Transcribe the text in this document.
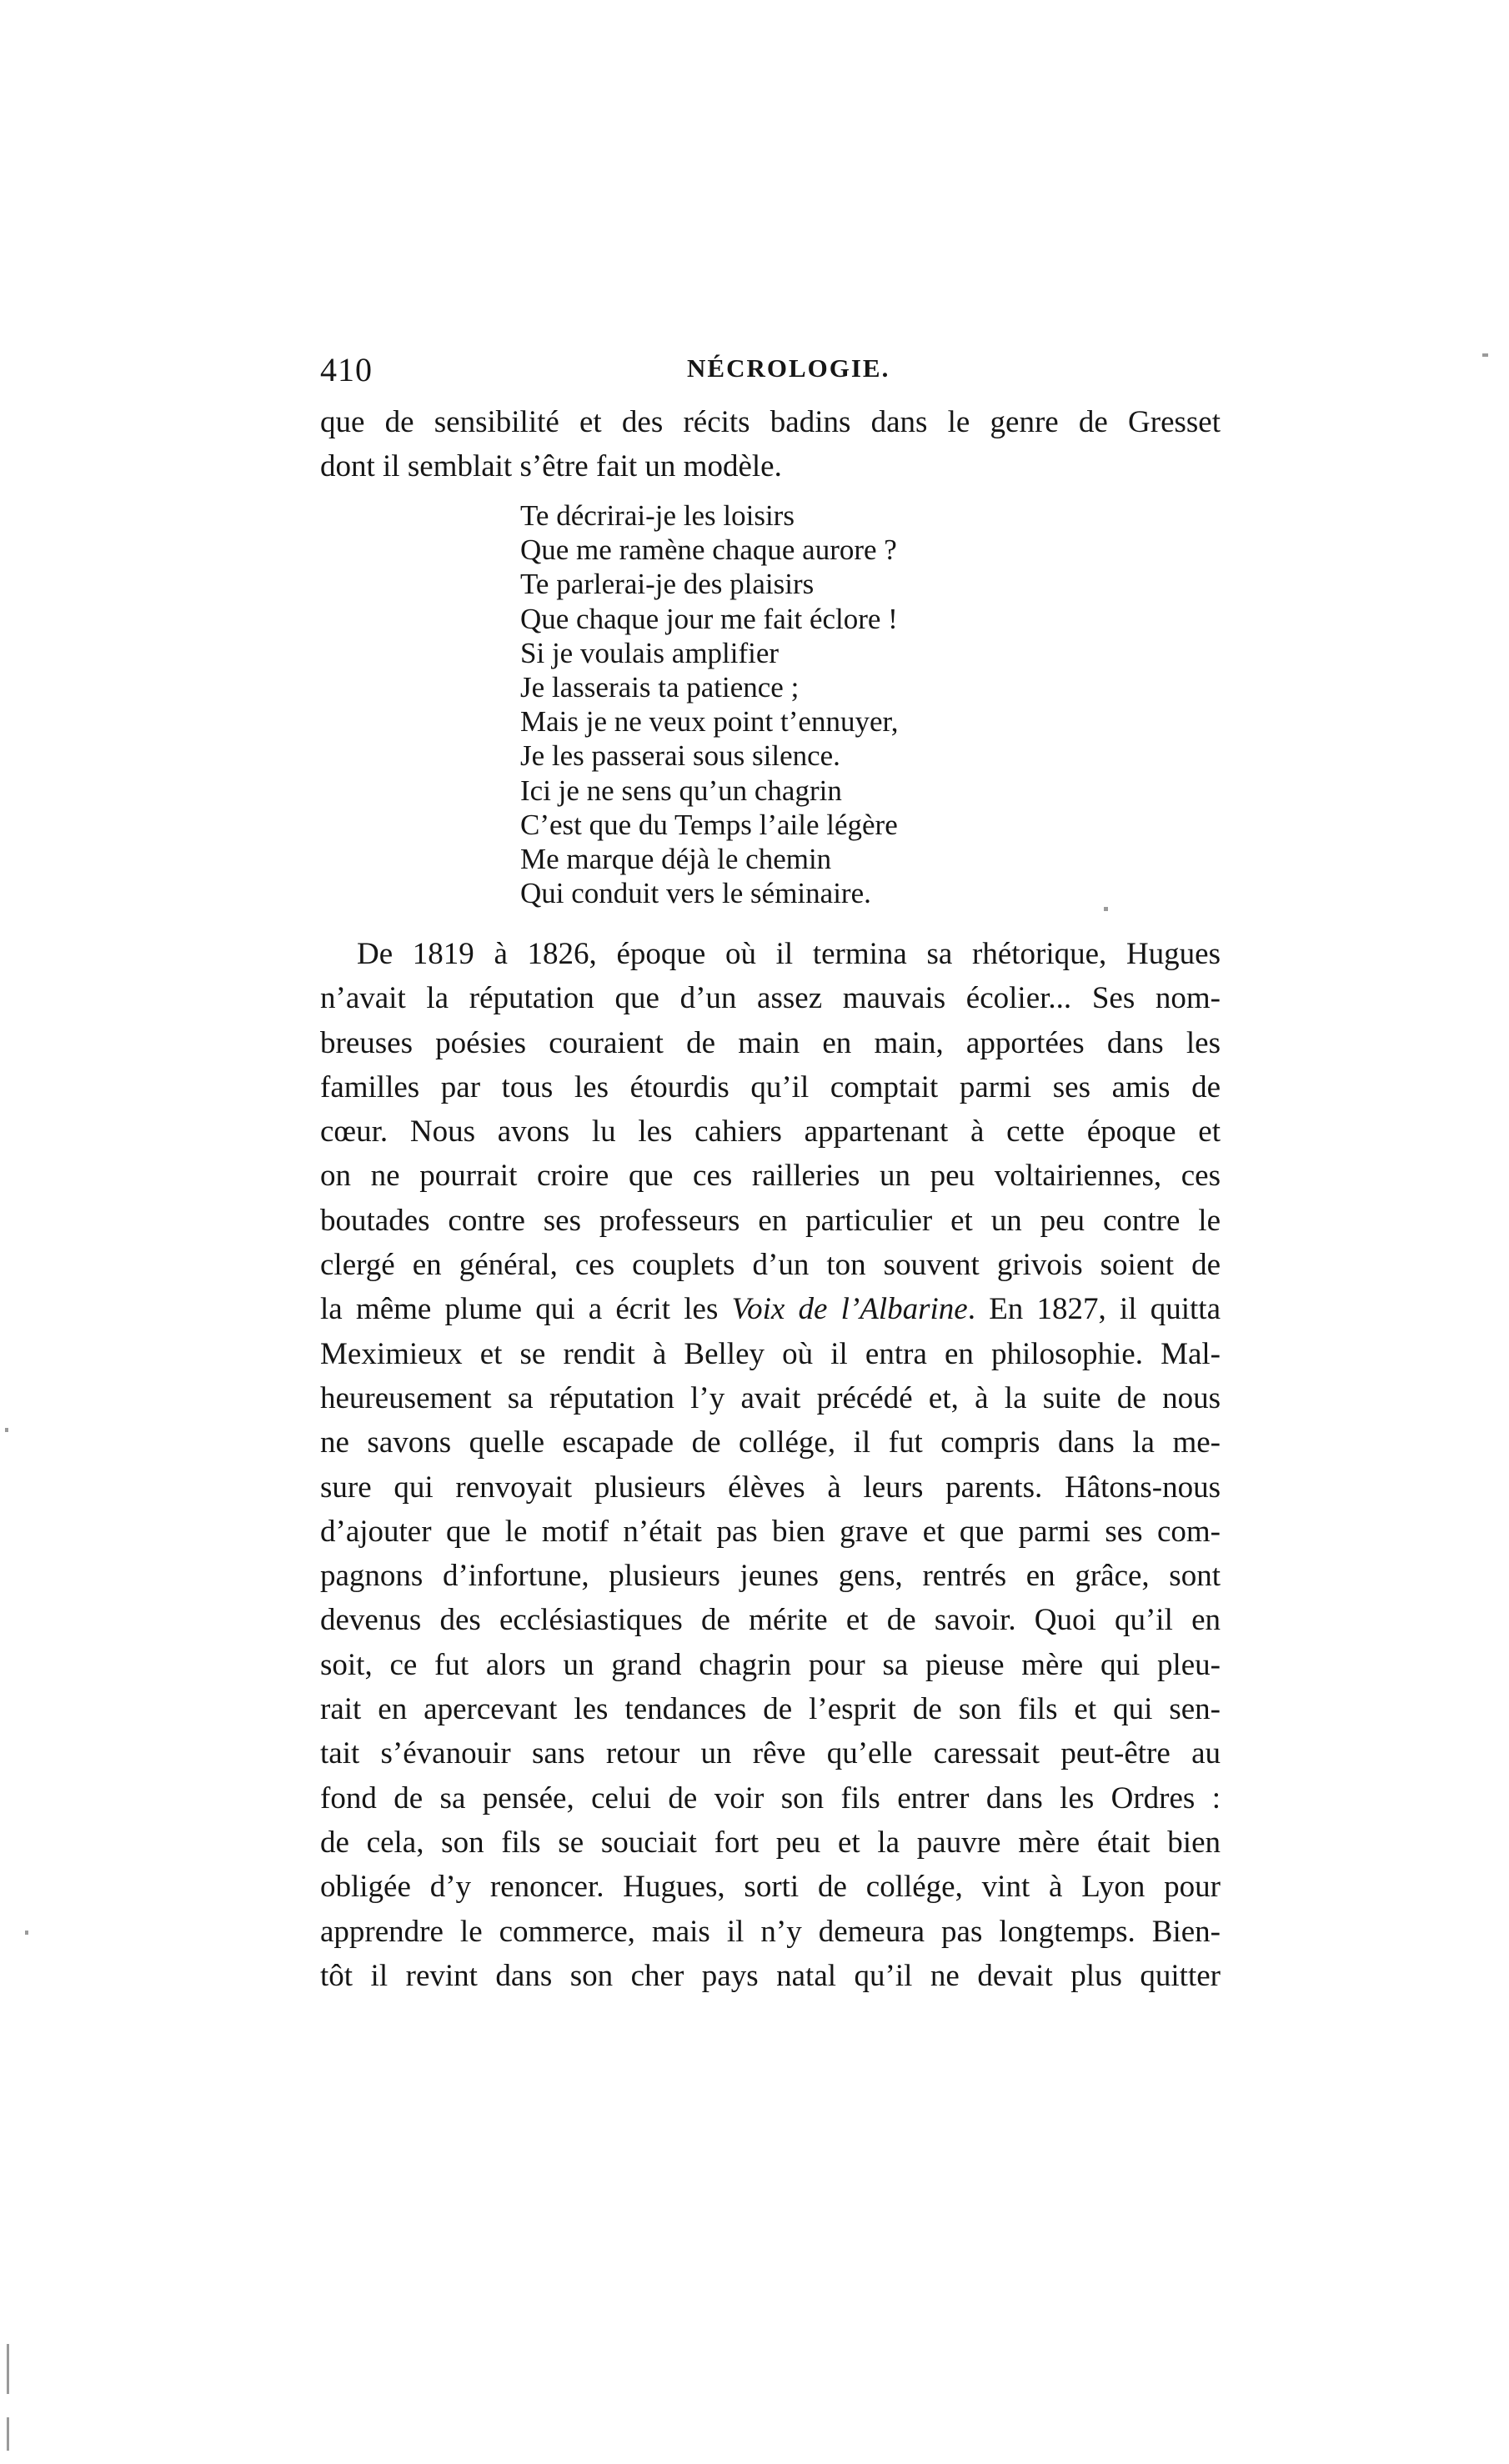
410	NÉCROLOGIE.
que de sensibilité et des récits badins dans le genre de Gresset
dont il semblait s’être fait un modèle.
Te décrirai-je les loisirs
Que me ramène chaque aurore ?
Te parlerai-je des plaisirs
Que chaque jour me fait éclore !
Si je voulais amplifier
Je lasserais ta patience ;
Mais je ne veux point t’ennuyer,
Je les passerai sous silence.
Ici je ne sens qu’un chagrin
C’est que du Temps l’aile légère
Me marque déjà le chemin
Qui conduit vers le séminaire.
De 1819 à 1826, époque où il termina sa rhétorique, Hugues
n’avait la réputation que d’un assez mauvais écolier... Ses nom-
breuses poésies couraient de main en main, apportées dans les
familles par tous les étourdis qu’il comptait parmi ses amis de
cœur. Nous avons lu les cahiers appartenant à cette époque et
on ne pourrait croire que ces railleries un peu voltairiennes, ces
boutades contre ses professeurs en particulier et un peu contre le
clergé en général, ces couplets d’un ton souvent grivois soient de
la même plume qui a écrit les Voix de l’Albarine. En 1827, il quitta
Meximieux et se rendit à Belley où il entra en philosophie. Mal-
heureusement sa réputation l’y avait précédé et, à la suite de nous
ne savons quelle escapade de collége, il fut compris dans la me-
sure qui renvoyait plusieurs élèves à leurs parents. Hâtons-nous
d’ajouter que le motif n’était pas bien grave et que parmi ses com-
pagnons d’infortune, plusieurs jeunes gens, rentrés en grâce, sont
devenus des ecclésiastiques de mérite et de savoir. Quoi qu’il en
soit, ce fut alors un grand chagrin pour sa pieuse mère qui pleu-
rait en apercevant les tendances de l’esprit de son fils et qui sen-
tait s’évanouir sans retour un rêve qu’elle caressait peut-être au
fond de sa pensée, celui de voir son fils entrer dans les Ordres :
de cela, son fils se souciait fort peu et la pauvre mère était bien
obligée d’y renoncer. Hugues, sorti de collége, vint à Lyon pour
apprendre le commerce, mais il n’y demeura pas longtemps. Bien-
tôt il revint dans son cher pays natal qu’il ne devait plus quitter
